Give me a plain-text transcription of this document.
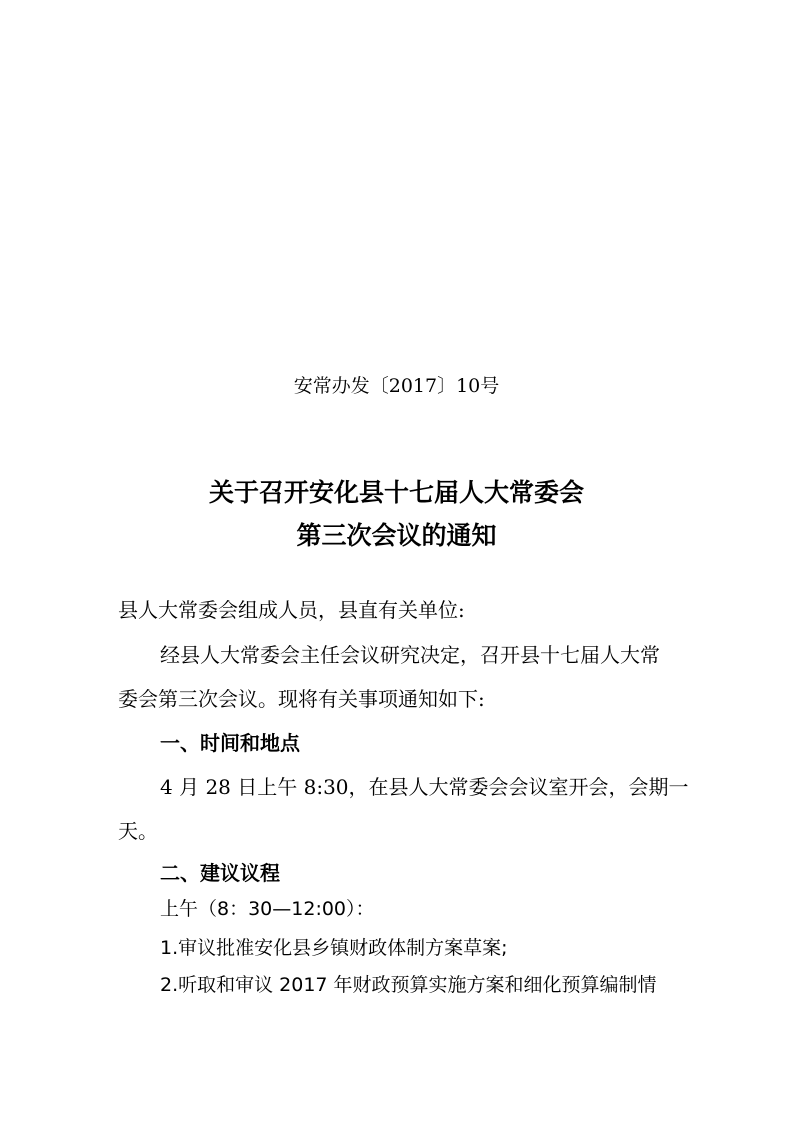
安常办发〔2017〕10号
关于召开安化县十七届人大常委会
第三次会议的通知
县人大常委会组成人员，县直有关单位:
经县人大常委会主任会议研究决定，召开县十七届人大常
委会第三次会议。现将有关事项通知如下:
一、时间和地点
4 月 28 日上午 8:30，在县人大常委会会议室开会，会期一
天。
二、建议议程
上午（8：30—12:00）：
1.审议批准安化县乡镇财政体制方案草案;
2.听取和审议 2017 年财政预算实施方案和细化预算编制情
